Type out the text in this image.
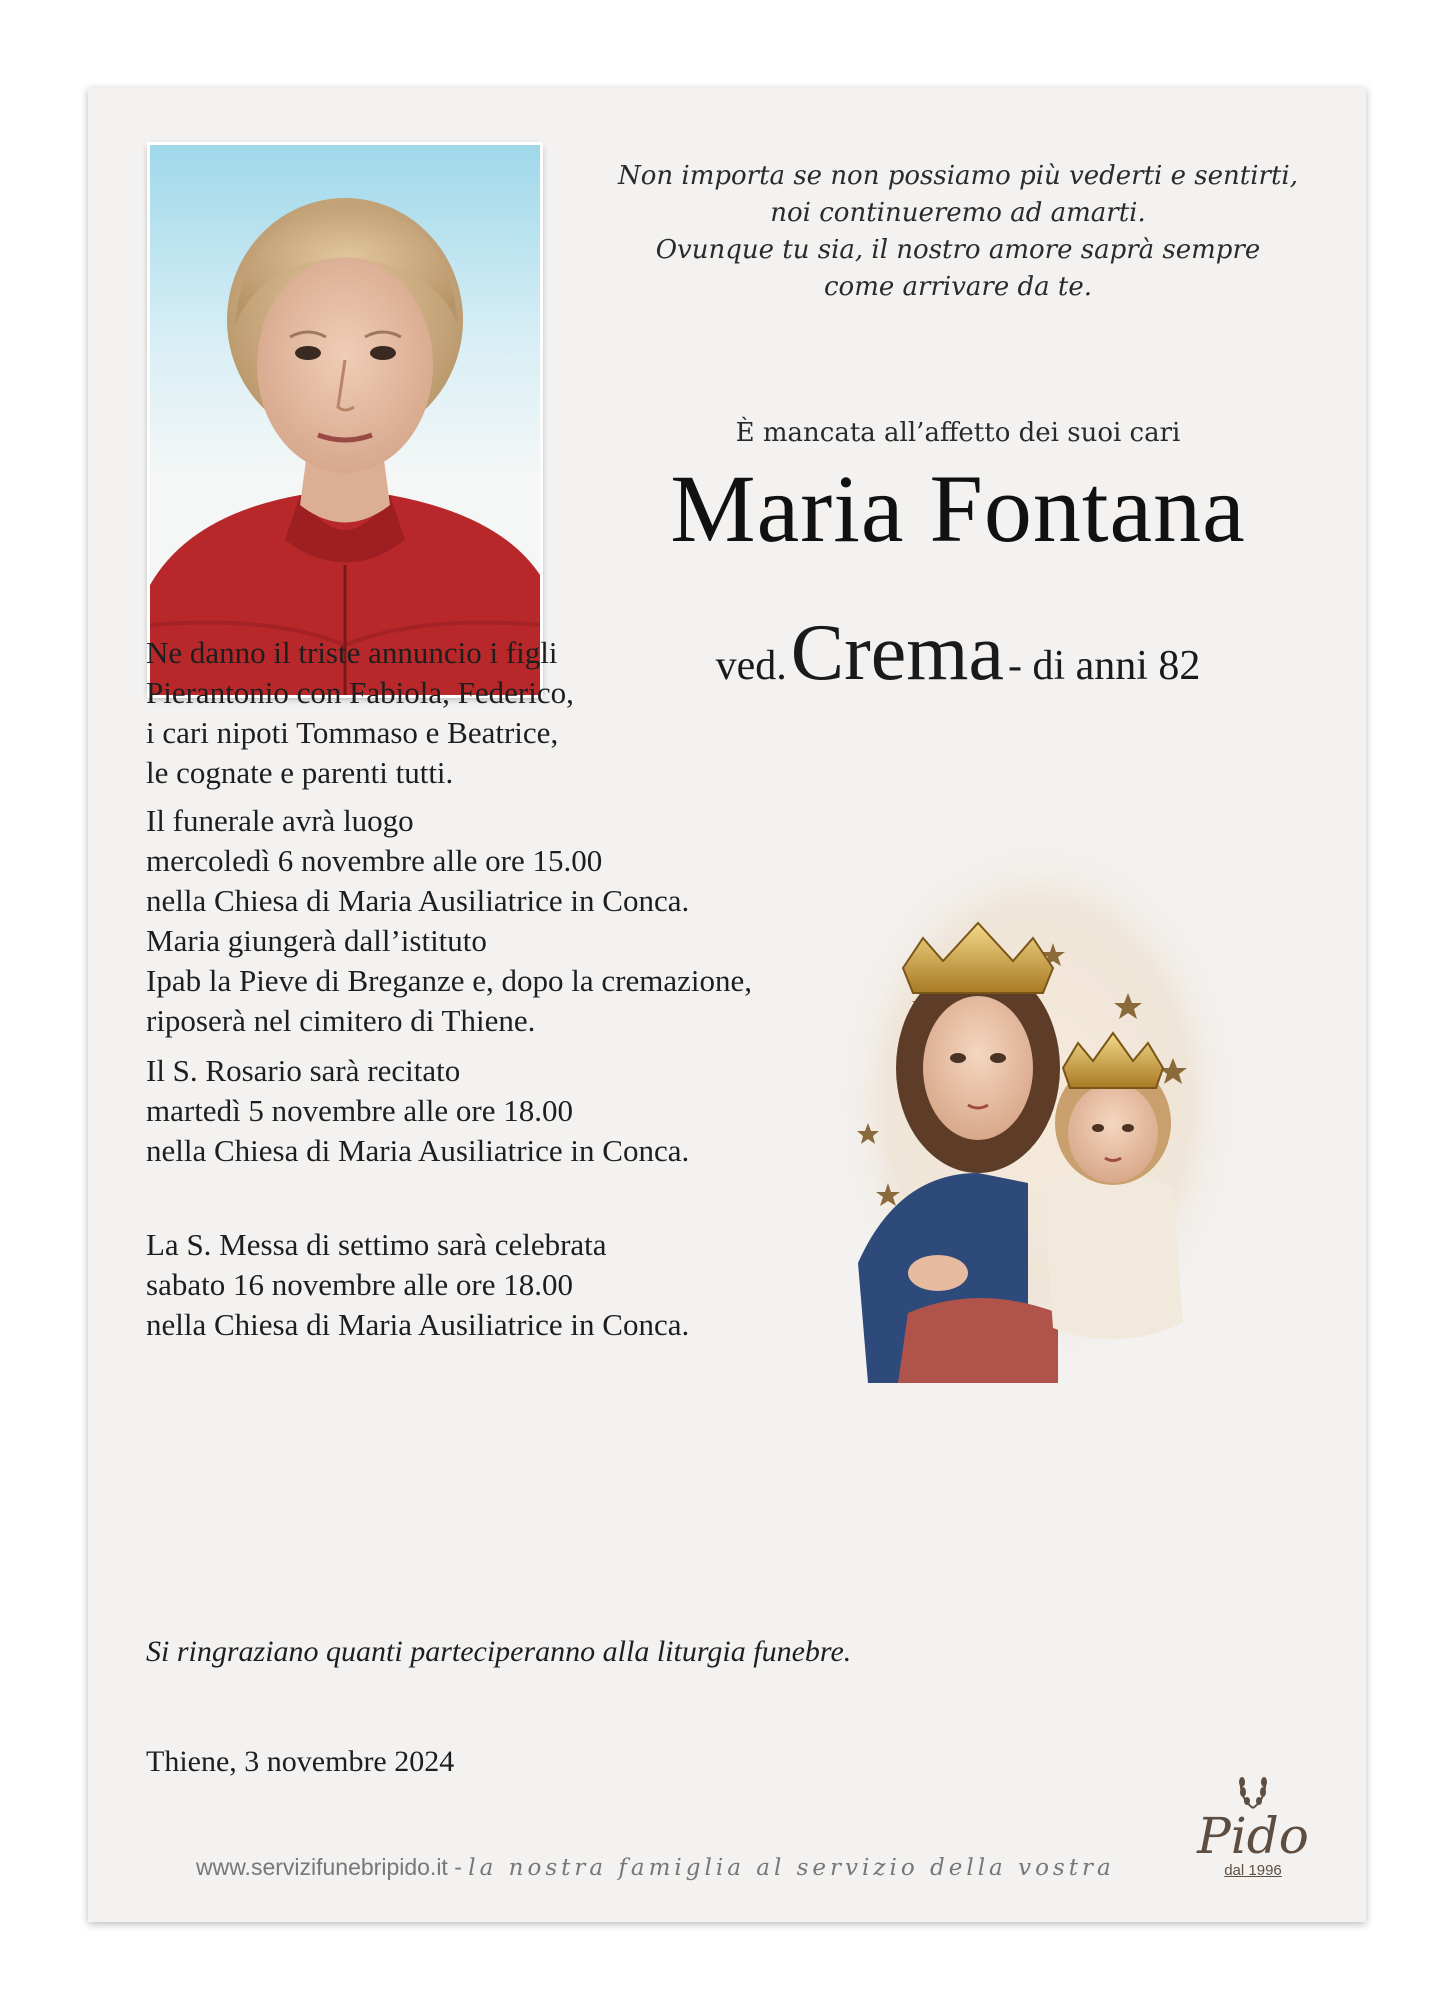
Non importa se non possiamo più vederti e sentirti,
noi continueremo ad amarti.
Ovunque tu sia, il nostro amore saprà sempre
come arrivare da te.
È mancata all’affetto dei suoi cari
Maria Fontana
ved. Crema - di anni 82
Ne danno il triste annuncio i figli
Pierantonio con Fabiola, Federico,
i cari nipoti Tommaso e Beatrice,
le cognate e parenti tutti.
Il funerale avrà luogo
mercoledì 6 novembre alle ore 15.00
nella Chiesa di Maria Ausiliatrice in Conca.
Maria giungerà dall’istituto
Ipab la Pieve di Breganze e, dopo la cremazione,
riposerà nel cimitero di Thiene.
Il S. Rosario sarà recitato
martedì 5 novembre alle ore 18.00
nella Chiesa di Maria Ausiliatrice in Conca.
La S. Messa di settimo sarà celebrata
sabato 16 novembre alle ore 18.00
nella Chiesa di Maria Ausiliatrice in Conca.
Si ringraziano quanti parteciperanno alla liturgia funebre.
Thiene, 3 novembre 2024
www.servizifunebripido.it - la nostra famiglia al servizio della vostra
Pido
dal 1996
